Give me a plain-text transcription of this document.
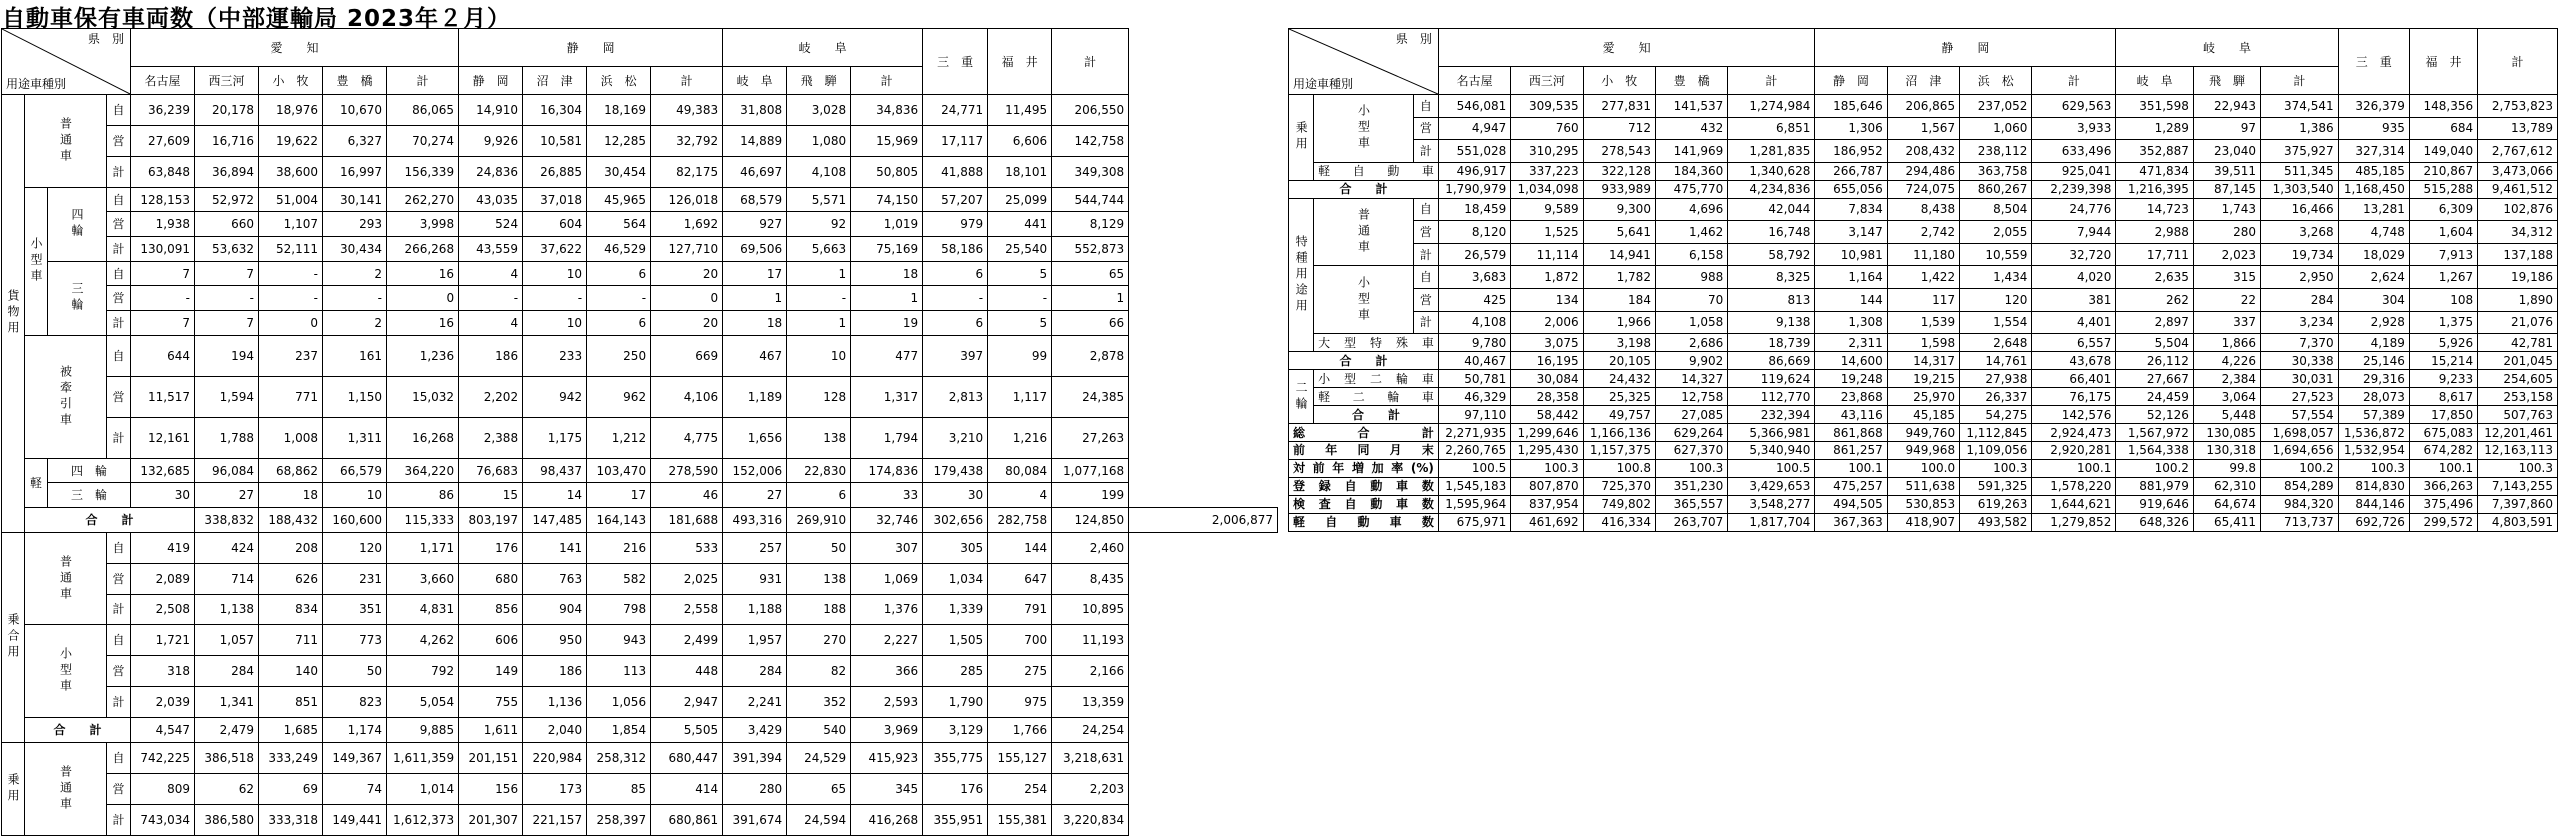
自動車保有車両数（中部運輸局 2023年２月）
県　別
用途車種別				愛　　知					静　　岡				岐　　阜			三　重	福　井	計	
				名古屋	西三河	小　牧	豊　橋	計	静　岡	沼　津	浜　松	計	岐　阜	飛　騨	計				
貨物用	普通車		自	36,239	20,178	18,976	10,670	86,065	14,910	16,304	18,169	49,383	31,808	3,028	34,836	24,771	11,495	206,550	
			営	27,609	16,716	19,622	6,327	70,274	9,926	10,581	12,285	32,792	14,889	1,080	15,969	17,117	6,606	142,758	
			計	63,848	36,894	38,600	16,997	156,339	24,836	26,885	30,454	82,175	46,697	4,108	50,805	41,888	18,101	349,308	
	小型車	四輪	自	128,153	52,972	51,004	30,141	262,270	43,035	37,018	45,965	126,018	68,579	5,571	74,150	57,207	25,099	544,744	
			営	1,938	660	1,107	293	3,998	524	604	564	1,692	927	92	1,019	979	441	8,129	
			計	130,091	53,632	52,111	30,434	266,268	43,559	37,622	46,529	127,710	69,506	5,663	75,169	58,186	25,540	552,873	
		三輪	自	7	7	-	2	16	4	10	6	20	17	1	18	6	5	65	
			営	-	-	-	-	0	-	-	-	0	1	-	1	-	-	1	
			計	7	7	0	2	16	4	10	6	20	18	1	19	6	5	66	
	被牽引車		自	644	194	237	161	1,236	186	233	250	669	467	10	477	397	99	2,878	
			営	11,517	1,594	771	1,150	15,032	2,202	942	962	4,106	1,189	128	1,317	2,813	1,117	24,385	
			計	12,161	1,788	1,008	1,311	16,268	2,388	1,175	1,212	4,775	1,656	138	1,794	3,210	1,216	27,263	
	軽	四　輪		132,685	96,084	68,862	66,579	364,220	76,683	98,437	103,470	278,590	152,006	22,830	174,836	179,438	80,084	1,077,168	
		三　輪		30	27	18	10	86	15	14	17	46	27	6	33	30	4	199	
	合　　計				338,832	188,432	160,600	115,333	803,197	147,485	164,143	181,688	493,316	269,910	32,746	302,656	282,758	124,850	2,006,877
乗合用	普通車		自	419	424	208	120	1,171	176	141	216	533	257	50	307	305	144	2,460	
			営	2,089	714	626	231	3,660	680	763	582	2,025	931	138	1,069	1,034	647	8,435	
			計	2,508	1,138	834	351	4,831	856	904	798	2,558	1,188	188	1,376	1,339	791	10,895	
	小型車		自	1,721	1,057	711	773	4,262	606	950	943	2,499	1,957	270	2,227	1,505	700	11,193	
			営	318	284	140	50	792	149	186	113	448	284	82	366	285	275	2,166	
			計	2,039	1,341	851	823	5,054	755	1,136	1,056	2,947	2,241	352	2,593	1,790	975	13,359	
	合　　計			4,547	2,479	1,685	1,174	9,885	1,611	2,040	1,854	5,505	3,429	540	3,969	3,129	1,766	24,254	
乗用	普通車		自	742,225	386,518	333,249	149,367	1,611,359	201,151	220,984	258,312	680,447	391,394	24,529	415,923	355,775	155,127	3,218,631	
			営	809	62	69	74	1,014	156	173	85	414	280	65	345	176	254	2,203	
			計	743,034	386,580	333,318	149,441	1,612,373	201,307	221,157	258,397	680,861	391,674	24,594	416,268	355,951	155,381	3,220,834	
県　別
用途車種別			愛　　知					静　　岡				岐　　阜			三　重	福　井	計
			名古屋	西三河	小　牧	豊　橋	計	静　岡	沼　津	浜　松	計	岐　阜	飛　騨	計			
乗用	小型車	自	546,081	309,535	277,831	141,537	1,274,984	185,646	206,865	237,052	629,563	351,598	22,943	374,541	326,379	148,356	2,753,823
		営	4,947	760	712	432	6,851	1,306	1,567	1,060	3,933	1,289	97	1,386	935	684	13,789
		計	551,028	310,295	278,543	141,969	1,281,835	186,952	208,432	238,112	633,496	352,887	23,040	375,927	327,314	149,040	2,767,612
	軽自動車		496,917	337,223	322,128	184,360	1,340,628	266,787	294,486	363,758	925,041	471,834	39,511	511,345	485,185	210,867	3,473,066
合　　計			1,790,979	1,034,098	933,989	475,770	4,234,836	655,056	724,075	860,267	2,239,398	1,216,395	87,145	1,303,540	1,168,450	515,288	9,461,512
特種用途用	普通車	自	18,459	9,589	9,300	4,696	42,044	7,834	8,438	8,504	24,776	14,723	1,743	16,466	13,281	6,309	102,876
		営	8,120	1,525	5,641	1,462	16,748	3,147	2,742	2,055	7,944	2,988	280	3,268	4,748	1,604	34,312
		計	26,579	11,114	14,941	6,158	58,792	10,981	11,180	10,559	32,720	17,711	2,023	19,734	18,029	7,913	137,188
	小型車	自	3,683	1,872	1,782	988	8,325	1,164	1,422	1,434	4,020	2,635	315	2,950	2,624	1,267	19,186
		営	425	134	184	70	813	144	117	120	381	262	22	284	304	108	1,890
		計	4,108	2,006	1,966	1,058	9,138	1,308	1,539	1,554	4,401	2,897	337	3,234	2,928	1,375	21,076
	大型特殊車		9,780	3,075	3,198	2,686	18,739	2,311	1,598	2,648	6,557	5,504	1,866	7,370	4,189	5,926	42,781
合　　計			40,467	16,195	20,105	9,902	86,669	14,600	14,317	14,761	43,678	26,112	4,226	30,338	25,146	15,214	201,045
二輪	小型二輪車		50,781	30,084	24,432	14,327	119,624	19,248	19,215	27,938	66,401	27,667	2,384	30,031	29,316	9,233	254,605
	軽二輪車		46,329	28,358	25,325	12,758	112,770	23,868	25,970	26,337	76,175	24,459	3,064	27,523	28,073	8,617	253,158
	合　　計		97,110	58,442	49,757	27,085	232,394	43,116	45,185	54,275	142,576	52,126	5,448	57,554	57,389	17,850	507,763
総　合　計			2,271,935	1,299,646	1,166,136	629,264	5,366,981	861,868	949,760	1,112,845	2,924,473	1,567,972	130,085	1,698,057	1,536,872	675,083	12,201,461
前年同月末			2,260,765	1,295,430	1,157,375	627,370	5,340,940	861,257	949,968	1,109,056	2,920,281	1,564,338	130,318	1,694,656	1,532,954	674,282	12,163,113
対前年増加率(%)			100.5	100.3	100.8	100.3	100.5	100.1	100.0	100.3	100.1	100.2	99.8	100.2	100.3	100.1	100.3
登録自動車数			1,545,183	807,870	725,370	351,230	3,429,653	475,257	511,638	591,325	1,578,220	881,979	62,310	854,289	814,830	366,263	7,143,255
検査自動車数			1,595,964	837,954	749,802	365,557	3,548,277	494,505	530,853	619,263	1,644,621	919,646	64,674	984,320	844,146	375,496	7,397,860
軽自動車数			675,971	461,692	416,334	263,707	1,817,704	367,363	418,907	493,582	1,279,852	648,326	65,411	713,737	692,726	299,572	4,803,591
